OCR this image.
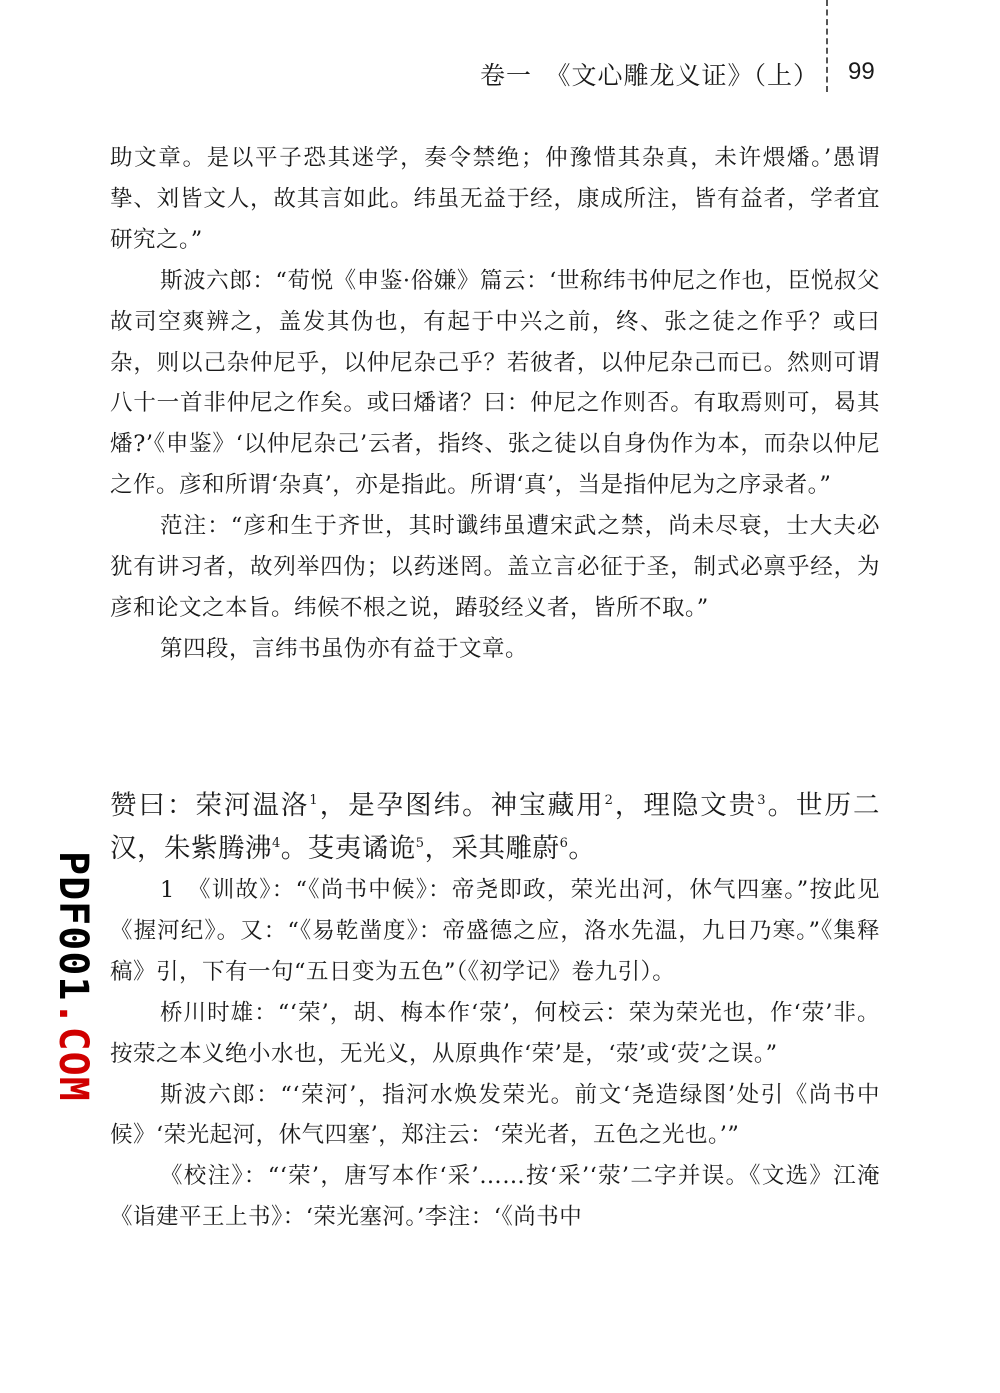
卷一　《文心雕龙义证》（上） 99
PDF001.COM

助文章。是以平子恐其迷学，奏令禁绝；仲豫惜其杂真，未许煨燔。’愚谓挚、刘皆文人，故其言如此。纬虽无益于经，康成所注，皆有益者，学者宜研究之。”

斯波六郎：“荀悦《申鉴·俗嫌》篇云：‘世称纬书仲尼之作也，臣悦叔父故司空爽辨之，盖发其伪也，有起于中兴之前，终、张之徒之作乎？或曰杂，则以己杂仲尼乎，以仲尼杂己乎？若彼者，以仲尼杂己而已。然则可谓八十一首非仲尼之作矣。或曰燔诸？曰：仲尼之作则否。有取焉则可，曷其燔?’《申鉴》‘以仲尼杂己’云者，指终、张之徒以自身伪作为本，而杂以仲尼之作。彦和所谓‘杂真’，亦是指此。所谓‘真’，当是指仲尼为之序录者。”

范注：“彦和生于齐世，其时谶纬虽遭宋武之禁，尚未尽衰，士大夫必犹有讲习者，故列举四伪；以药迷罔。盖立言必征于圣，制式必禀乎经，为彦和论文之本旨。纬候不根之说，踳驳经义者，皆所不取。”

第四段，言纬书虽伪亦有益于文章。

赞曰：荣河温洛$^1$，是孕图纬。神宝藏用$^2$，理隐文贵$^3$。世历二汉，朱紫腾沸$^4$。芟夷谲诡$^5$，采其雕蔚$^6$。

1　《训故》：“《尚书中候》：帝尧即政，荣光出河，休气四塞。”按此见《握河纪》。又：“《易乾凿度》：帝盛德之应，洛水先温，九日乃寒。”《集释稿》引，下有一句“五日变为五色”（《初学记》卷九引）。

桥川时雄：“‘荣’，胡、梅本作‘荥’，何校云：荣为荣光也，作‘荥’非。按荥之本义绝小水也，无光义，从原典作‘荣’是，‘荥’或‘荧’之误。”

斯波六郎：“‘荣河’，指河水焕发荣光。前文‘尧造绿图’处引《尚书中候》‘荣光起河，休气四塞’，郑注云：‘荣光者，五色之光也。’”

《校注》：“‘荣’，唐写本作‘采’……按‘采’‘荥’二字并误。《文选》江淹《诣建平王上书》：‘荣光塞河。’李注：‘《尚书中
